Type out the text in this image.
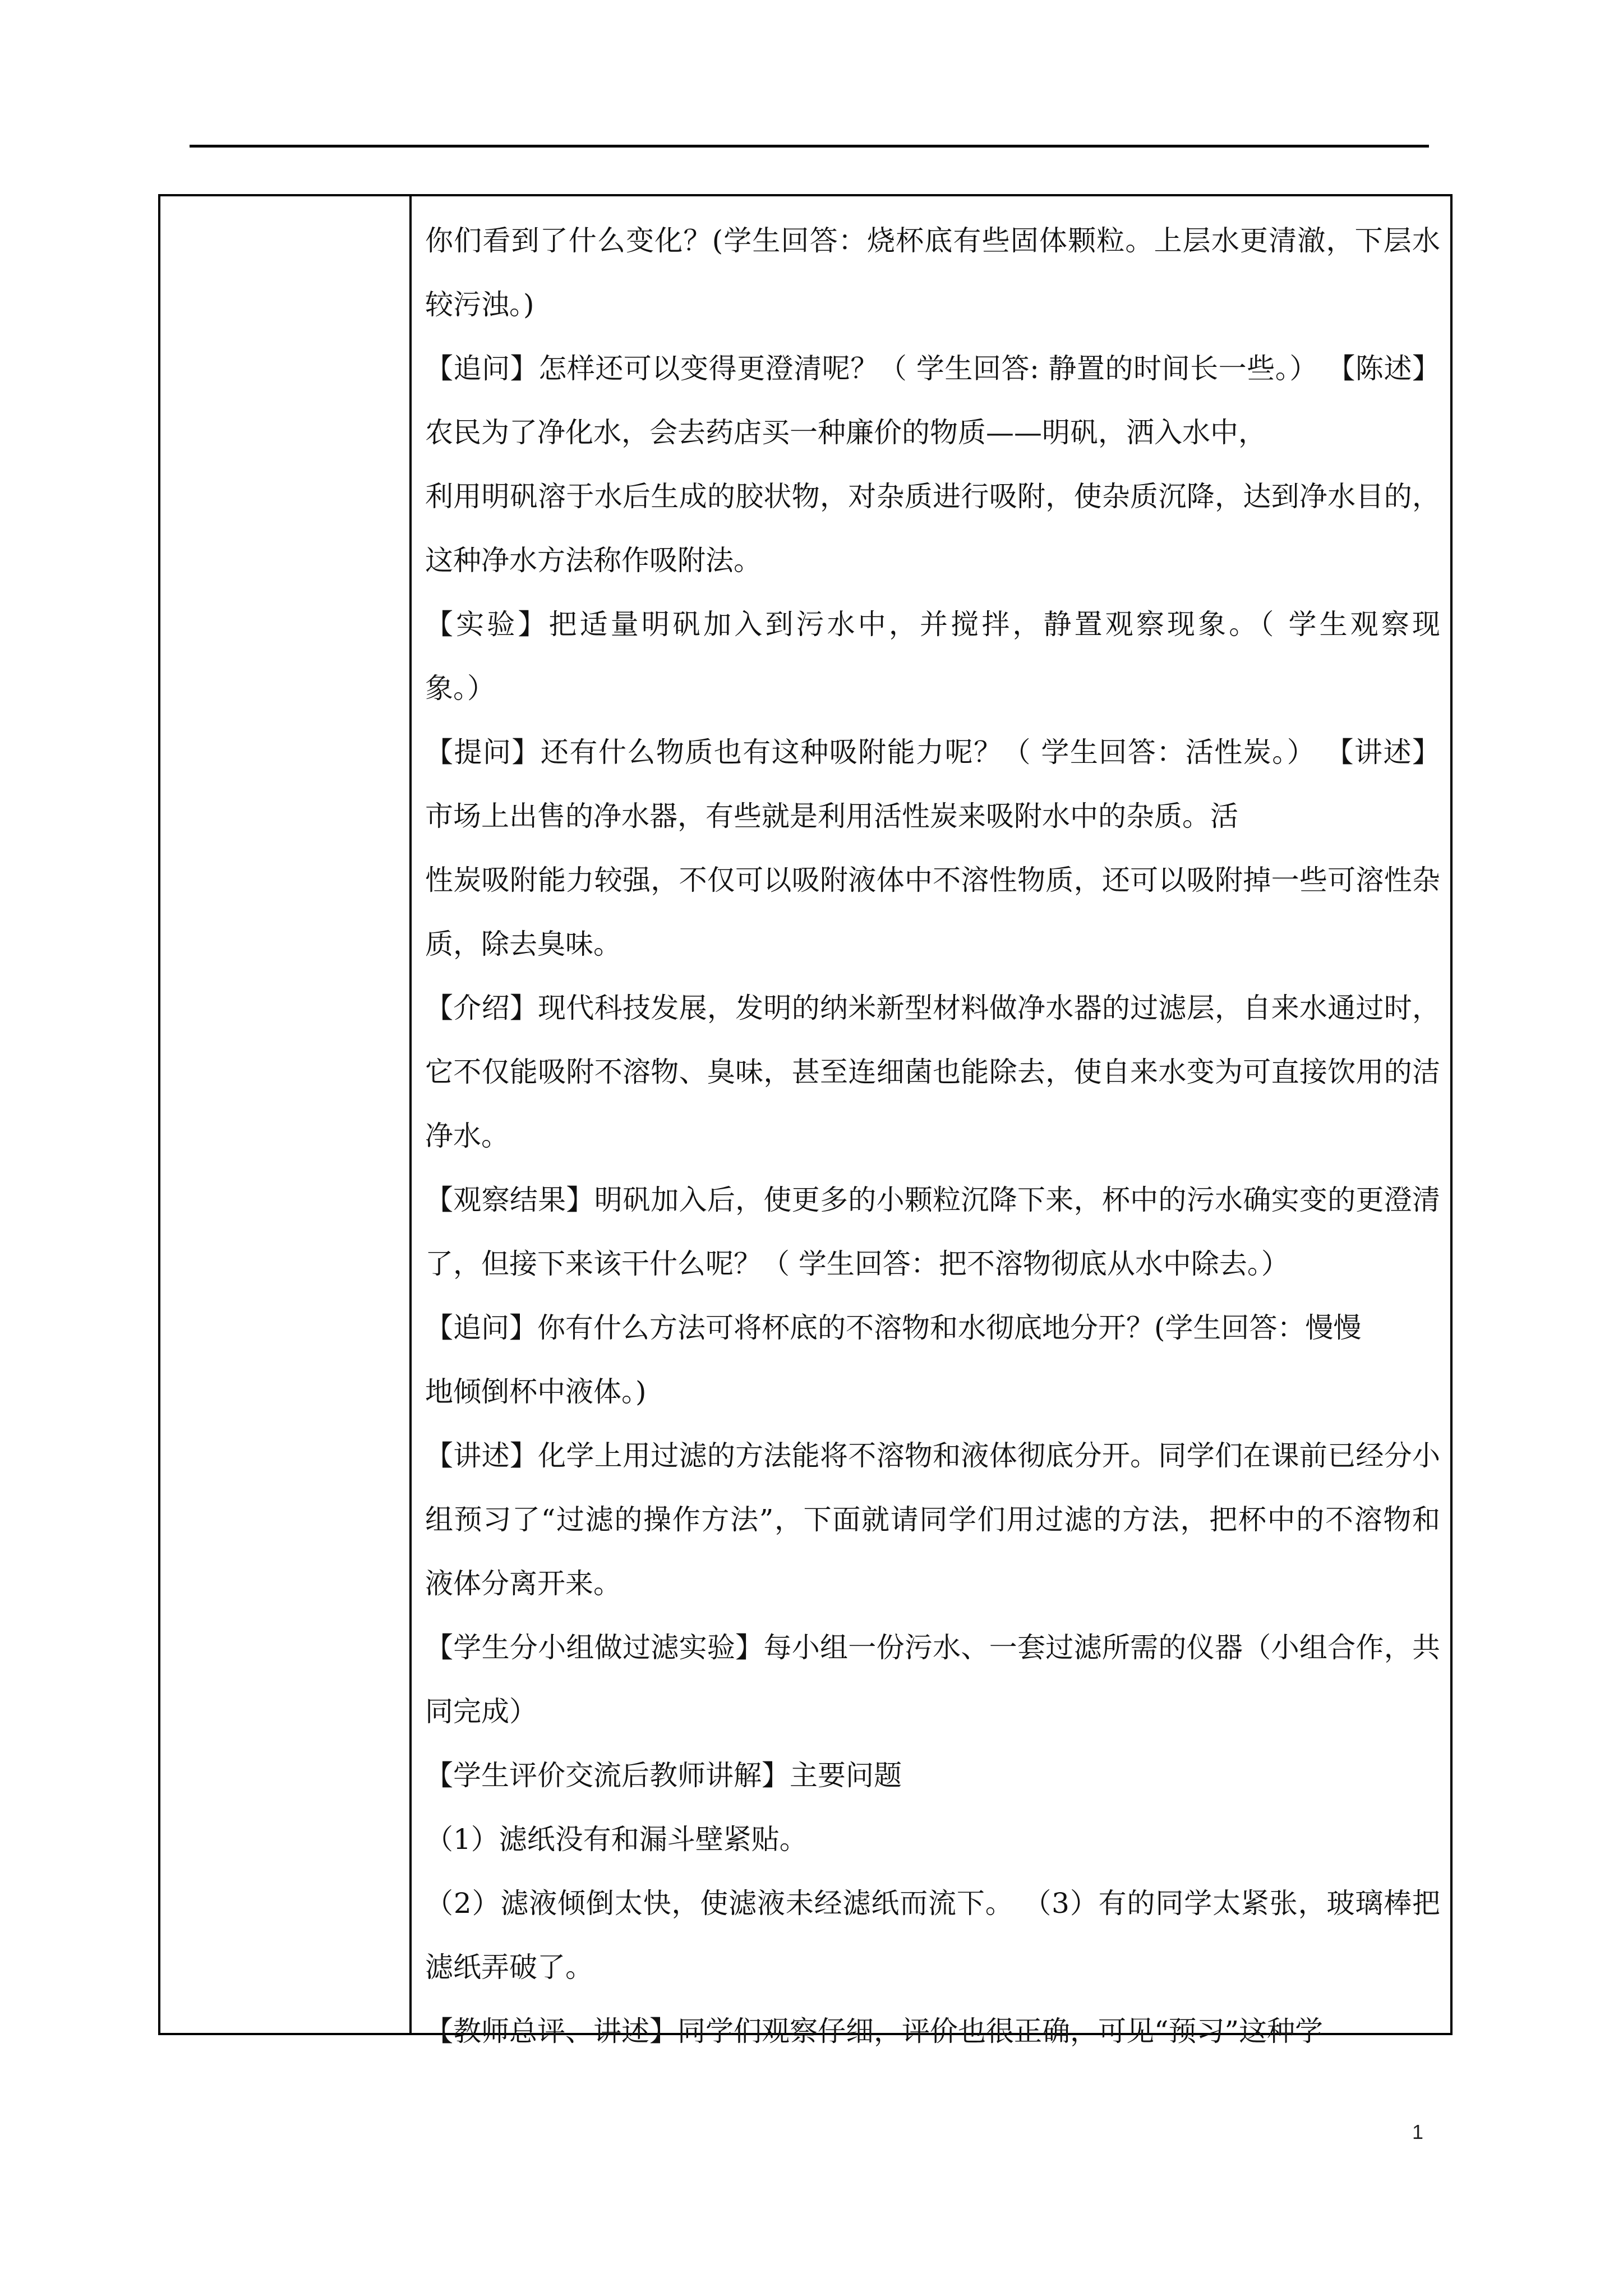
你们看到了什么变化？(学生回答：烧杯底有些固体颗粒。上层水更清澈，下层水
较污浊。)
【追问】怎样还可以变得更澄清呢？（ 学生回答: 静置的时间长一些。） 【陈述】
农民为了净化水，会去药店买一种廉价的物质——明矾，洒入水中，
利用明矾溶于水后生成的胶状物，对杂质进行吸附，使杂质沉降，达到净水目的，
这种净水方法称作吸附法。
【实验】把适量明矾加入到污水中，并搅拌，静置观察现象。（ 学生观察现
象。）
【提问】还有什么物质也有这种吸附能力呢？（ 学生回答：活性炭。） 【讲述】
市场上出售的净水器，有些就是利用活性炭来吸附水中的杂质。活
性炭吸附能力较强，不仅可以吸附液体中不溶性物质，还可以吸附掉一些可溶性杂
质，除去臭味。
【介绍】现代科技发展，发明的纳米新型材料做净水器的过滤层，自来水通过时，
它不仅能吸附不溶物、臭味，甚至连细菌也能除去，使自来水变为可直接饮用的洁
净水。
【观察结果】明矾加入后，使更多的小颗粒沉降下来，杯中的污水确实变的更澄清
了，但接下来该干什么呢？（ 学生回答：把不溶物彻底从水中除去。）
【追问】你有什么方法可将杯底的不溶物和水彻底地分开？(学生回答：慢慢
地倾倒杯中液体。)
【讲述】化学上用过滤的方法能将不溶物和液体彻底分开。同学们在课前已经分小
组预习了“过滤的操作方法”，下面就请同学们用过滤的方法，把杯中的不溶物和
液体分离开来。
【学生分小组做过滤实验】每小组一份污水、一套过滤所需的仪器（小组合作，共
同完成）
【学生评价交流后教师讲解】主要问题
（1）滤纸没有和漏斗壁紧贴。
（2）滤液倾倒太快，使滤液未经滤纸而流下。 （3）有的同学太紧张，玻璃棒把
滤纸弄破了。
【教师总评、讲述】同学们观察仔细，评价也很正确，可见“预习”这种学
1
